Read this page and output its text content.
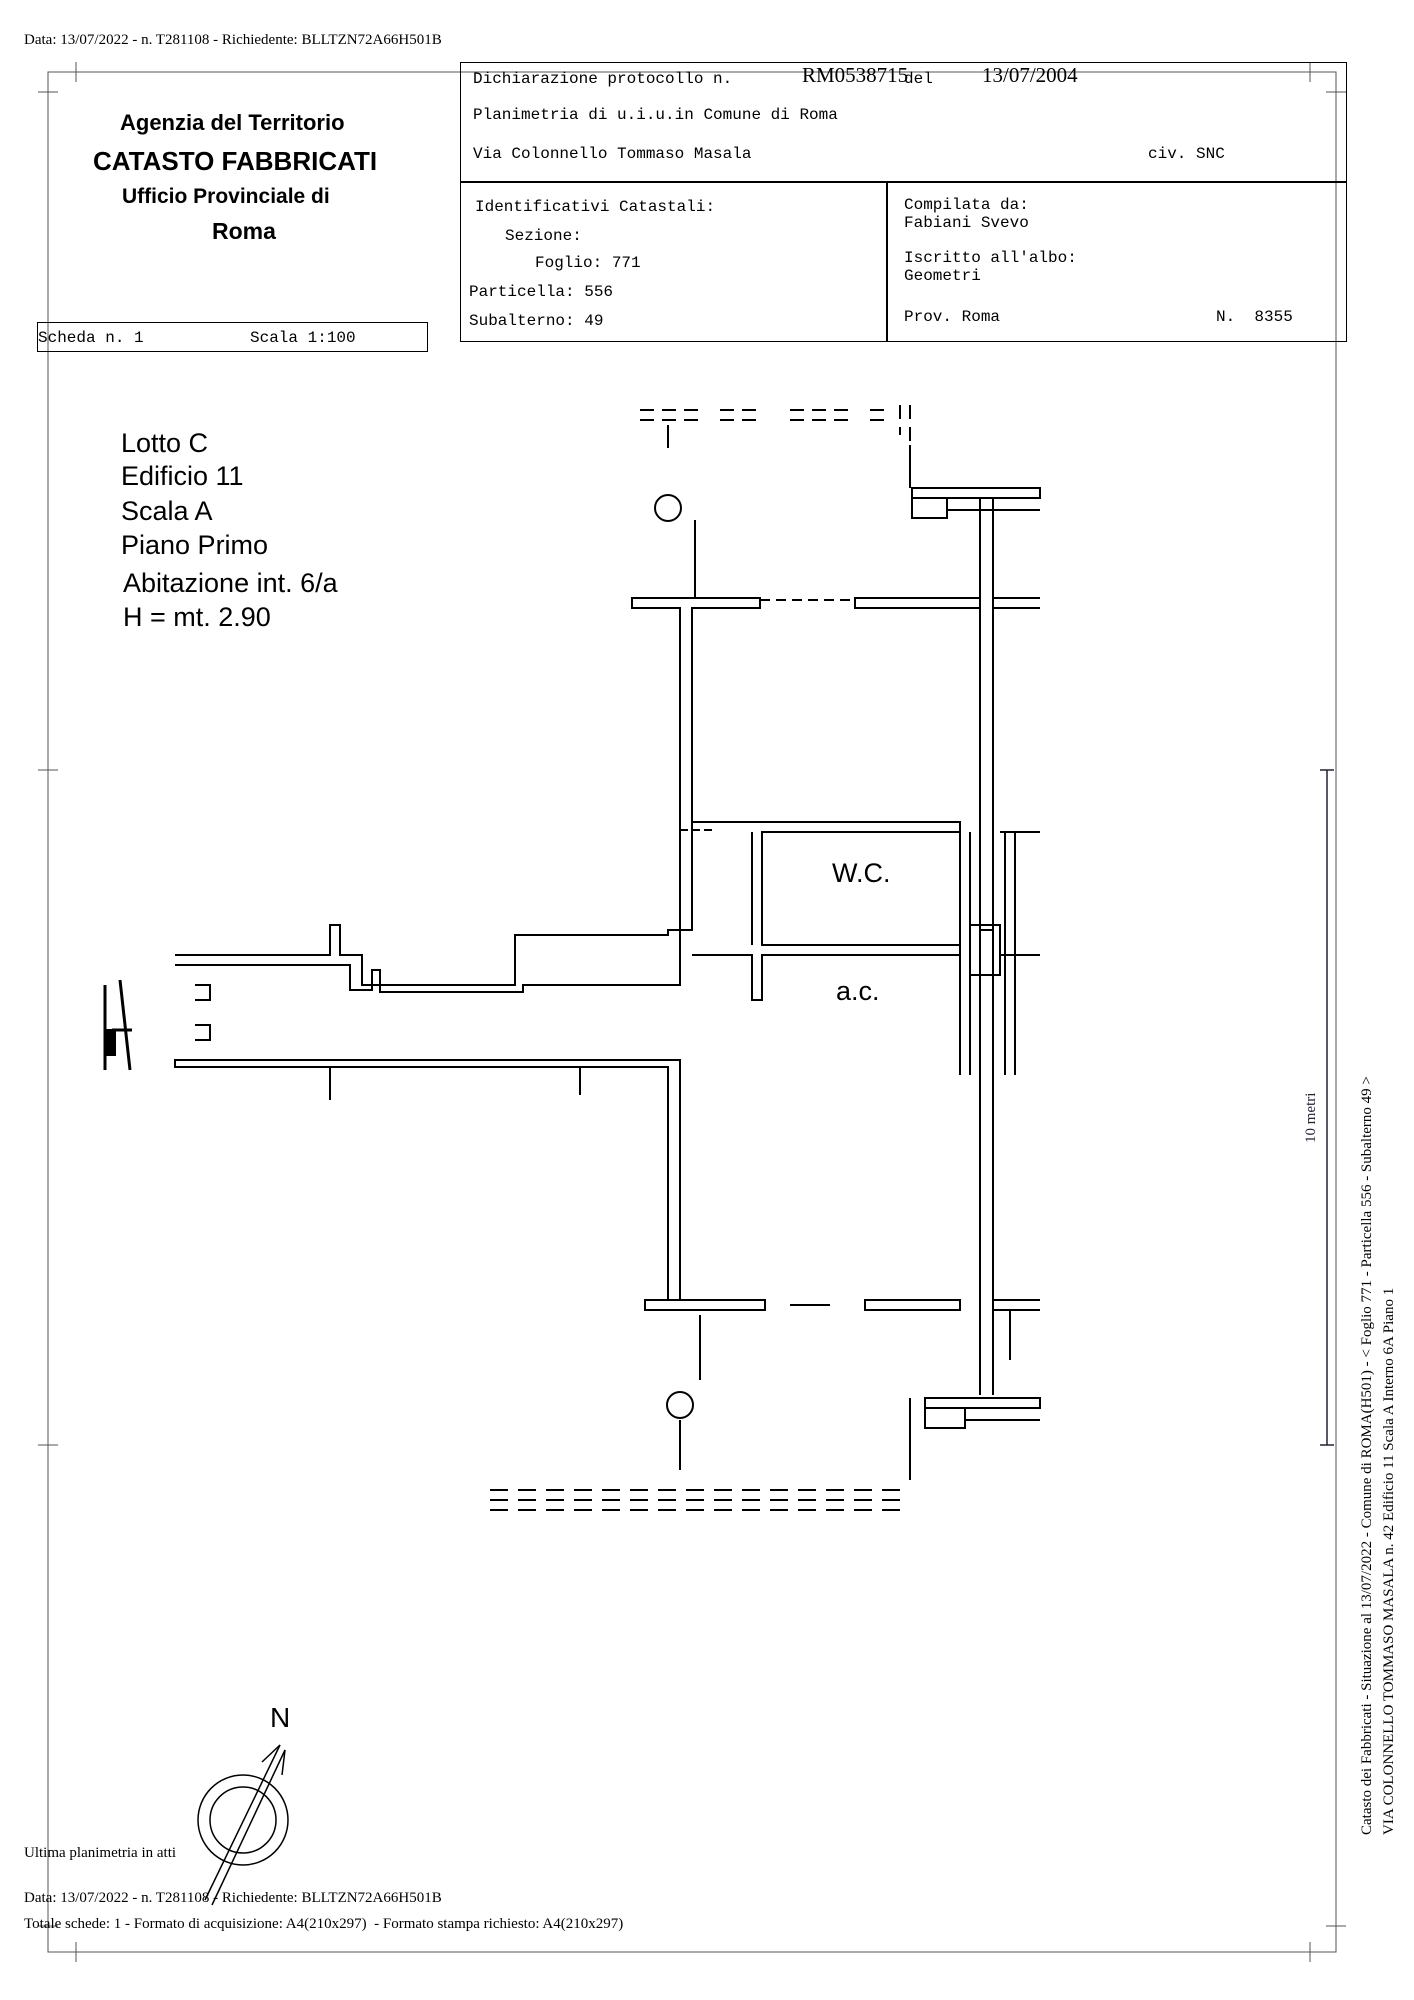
Data: 13/07/2022 - n. T281108 - Richiedente: BLLTZN72A66H501B
Agenzia del Territorio
CATASTO FABBRICATI
Ufficio Provinciale di
Roma
Dichiarazione protocollo n.	RM0538715
del 13/07/2004
Planimetria di u.i.u.in Comune di Roma
Via Colonnello Tommaso Masala	civ. SNC
Identificativi Catastali:
Sezione:
Foglio: 771
Particella: 556
Subalterno: 49
Compilata da:
Fabiani Svevo
Iscritto all'albo:
Geometri
Prov. Roma	N.  8355
Scheda n. 1	Scala 1:100
Lotto C
Edificio 11
Scala A
Piano Primo
Abitazione int. 6/a
H = mt. 2.90
W.C.
a.c.
10 metri
N	Catasto dei Fabbricati - Situazione al 13/07/2022 - Comune di ROMA(H501) - < Foglio 771 - Particella 556 - Subalterno 49 > VIA COLONNELLO TOMMASO MASALA n. 42 Edificio 11 Scala A Interno 6A Piano 1
Ultima planimetria in atti
Data: 13/07/2022 - n. T281108 - Richiedente: BLLTZN72A66H501B
Totale schede: 1 - Formato di acquisizione: A4(210x297)  - Formato stampa richiesto: A4(210x297)
